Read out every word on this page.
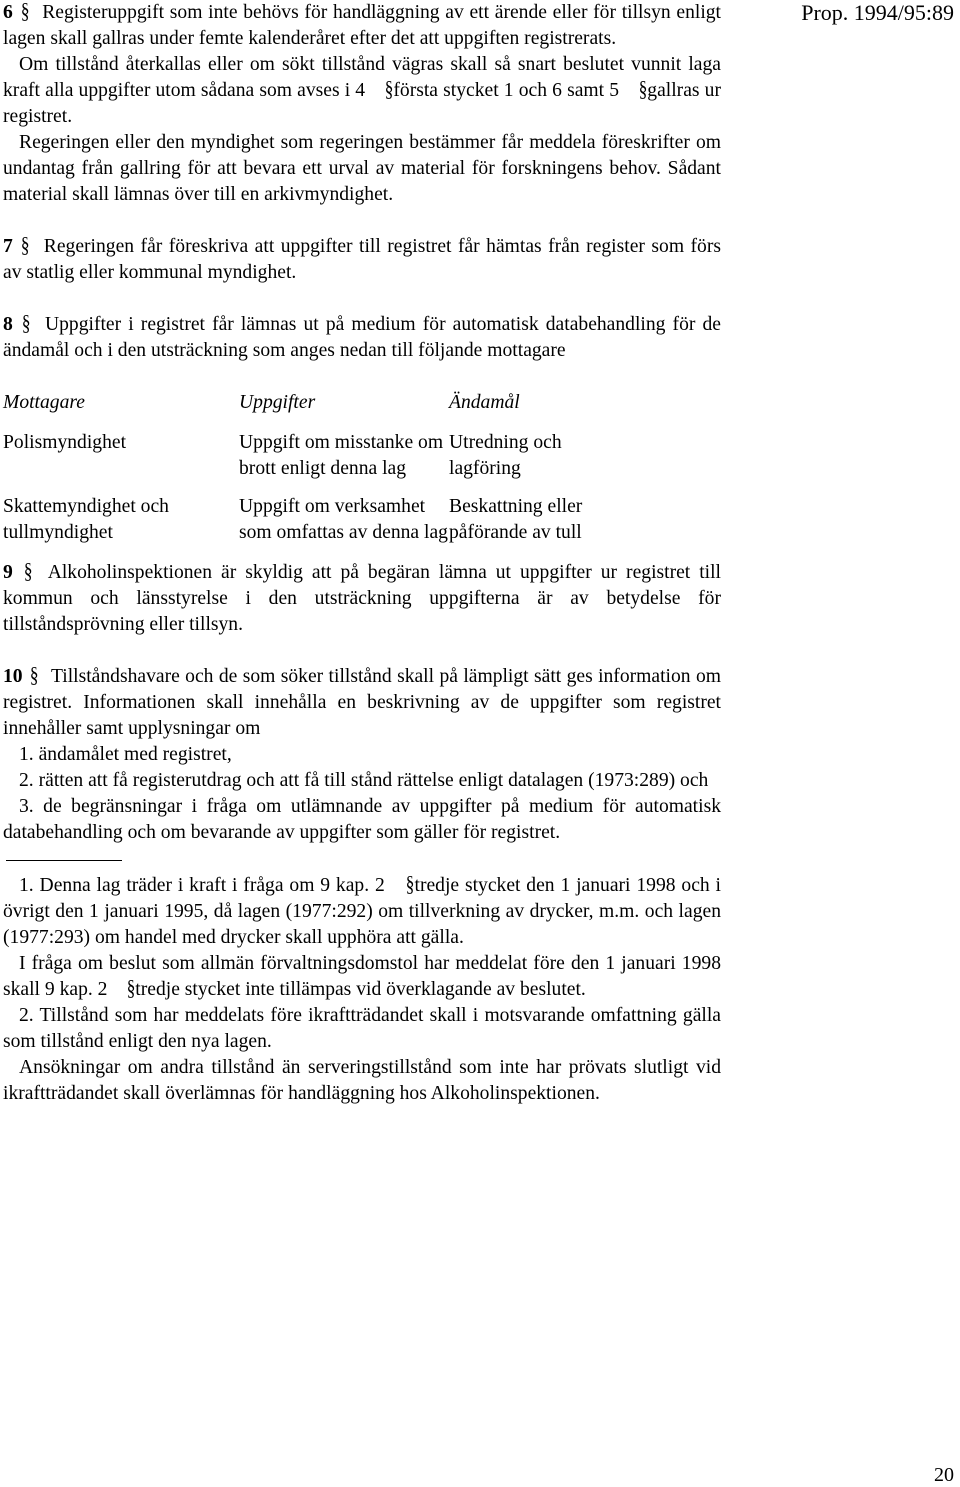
Prop. 1994/95:89

6 § Registeruppgift som inte behövs för handläggning av ett ärende eller för tillsyn enligt lagen skall gallras under femte kalenderåret efter det att uppgiften registrerats.

Om tillstånd återkallas eller om sökt tillstånd vägras skall så snart beslutet vunnit laga kraft alla uppgifter utom sådana som avses i 4 § första stycket 1 och 6 samt 5 § gallras ur registret.

Regeringen eller den myndighet som regeringen bestämmer får meddela föreskrifter om undantag från gallring för att bevara ett urval av material för forskningens behov. Sådant material skall lämnas över till en arkivmyndighet.

7 § Regeringen får föreskriva att uppgifter till registret får hämtas från register som förs av statlig eller kommunal myndighet.

8 § Uppgifter i registret får lämnas ut på medium för automatisk databehandling för de ändamål och i den utsträckning som anges nedan till följande mottagare

Mottagare	Uppgifter	Ändamål
Polismyndighet	Uppgift om misstanke om brott enligt denna lag	Utredning och lagföring
Skattemyndighet och tullmyndighet	Uppgift om verksamhet som omfattas av denna lag	Beskattning eller påförande av tull

9 § Alkoholinspektionen är skyldig att på begäran lämna ut uppgifter ur registret till kommun och länsstyrelse i den utsträckning uppgifterna är av betydelse för tillståndsprövning eller tillsyn.

10 § Tillståndshavare och de som söker tillstånd skall på lämpligt sätt ges information om registret. Informationen skall innehålla en beskrivning av de uppgifter som registret innehåller samt upplysningar om

1. ändamålet med registret,

2. rätten att få registerutdrag och att få till stånd rättelse enligt datalagen (1973:289) och

3. de begränsningar i fråga om utlämnande av uppgifter på medium för automatisk databehandling och om bevarande av uppgifter som gäller för registret.

1. Denna lag träder i kraft i fråga om 9 kap. 2 § tredje stycket den 1 januari 1998 och i övrigt den 1 januari 1995, då lagen (1977:292) om tillverkning av drycker, m.m. och lagen (1977:293) om handel med drycker skall upphöra att gälla.

I fråga om beslut som allmän förvaltningsdomstol har meddelat före den 1 januari 1998 skall 9 kap. 2 § tredje stycket inte tillämpas vid överklagande av beslutet.

2. Tillstånd som har meddelats före ikraftträdandet skall i motsvarande omfattning gälla som tillstånd enligt den nya lagen.

Ansökningar om andra tillstånd än serveringstillstånd som inte har prövats slutligt vid ikraftträdandet skall överlämnas för handläggning hos Alkoholinspektionen.

20
